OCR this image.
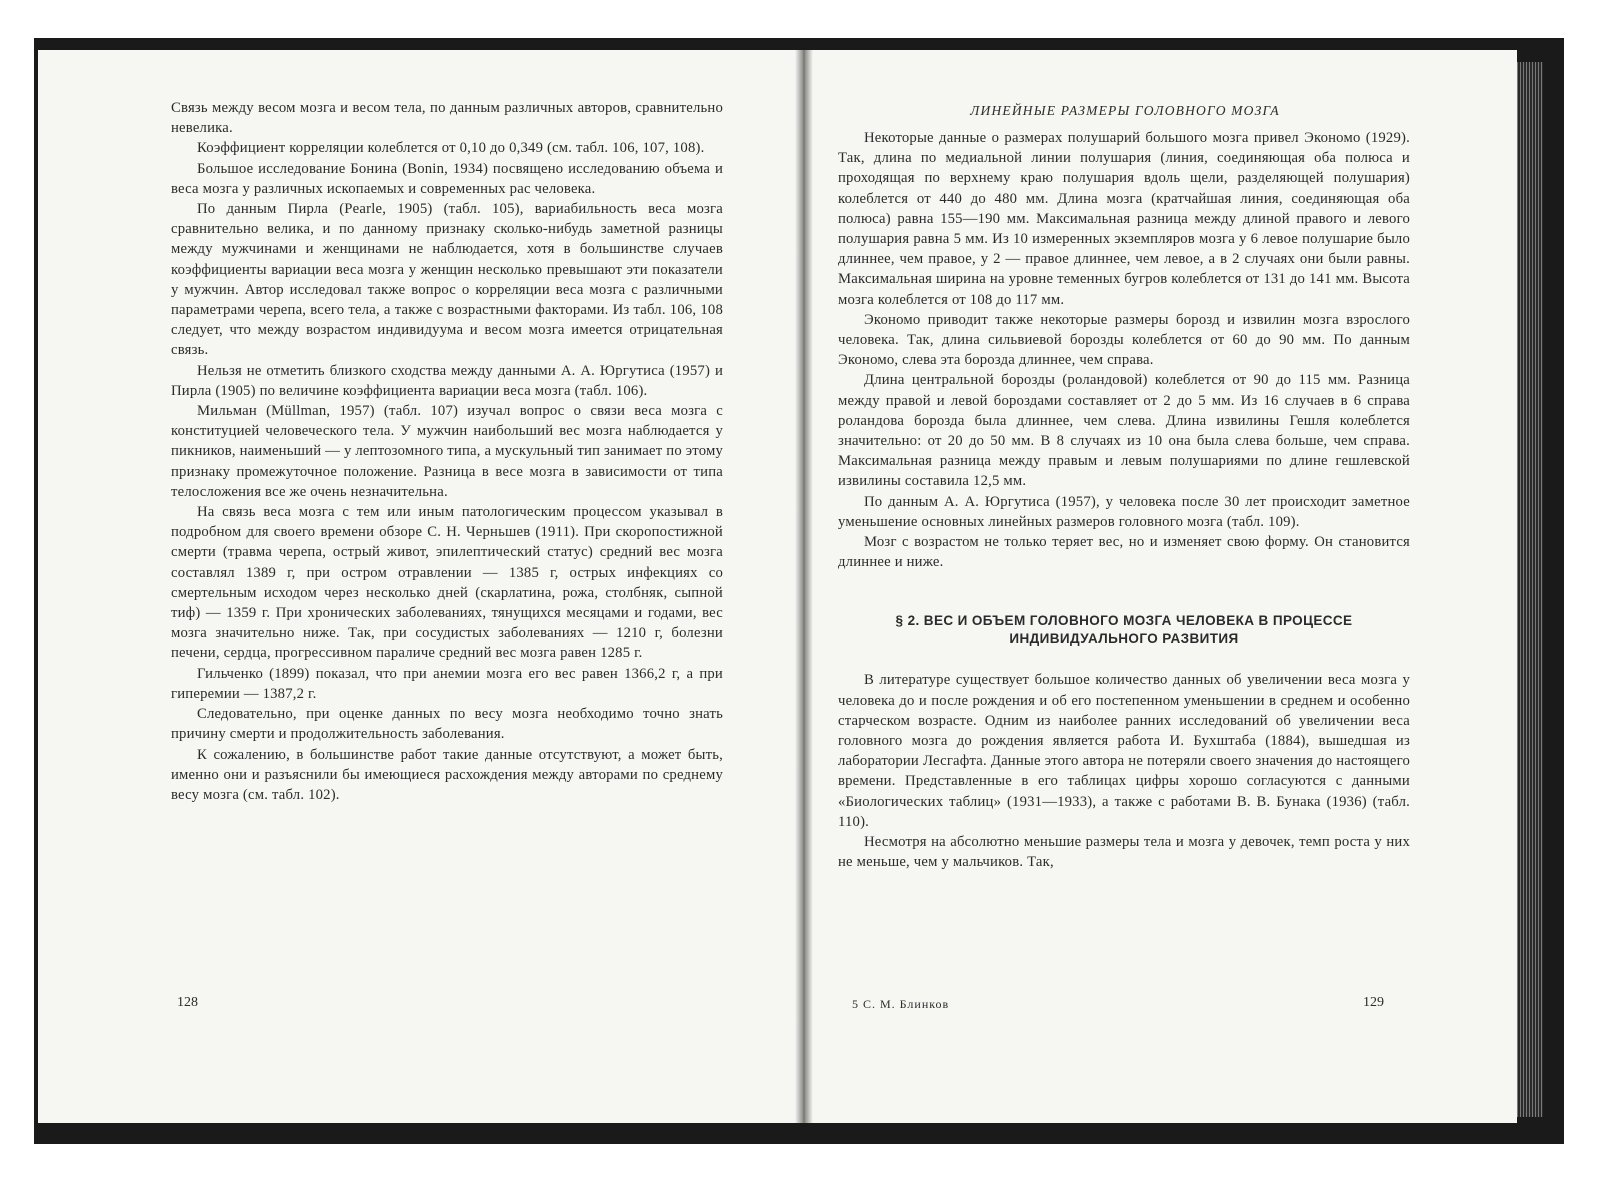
Связь между весом мозга и весом тела, по данным различных авторов, сравнительно невелика.

Коэффициент корреляции колеблется от 0,10 до 0,349 (см. табл. 106, 107, 108).

Большое исследование Бонина (Bonin, 1934) посвящено исследованию объема и веса мозга у различных ископаемых и современных рас человека.

По данным Пирла (Pearle, 1905) (табл. 105), вариабильность веса мозга сравнительно велика, и по данному признаку сколько-нибудь заметной разницы между мужчинами и женщинами не наблюдается, хотя в большинстве случаев коэффициенты вариации веса мозга у женщин несколько превышают эти показатели у мужчин. Автор исследовал также вопрос о корреляции веса мозга с различными параметрами черепа, всего тела, а также с возрастными факторами. Из табл. 106, 108 следует, что между возрастом индивидуума и весом мозга имеется отрицательная связь.

Нельзя не отметить близкого сходства между данными А. А. Юргутиса (1957) и Пирла (1905) по величине коэффициента вариации веса мозга (табл. 106).

Мильман (Müllman, 1957) (табл. 107) изучал вопрос о связи веса мозга с конституцией человеческого тела. У мужчин наибольший вес мозга наблюдается у пикников, наименьший — у лептозомного типа, а мускульный тип занимает по этому признаку промежуточное положение. Разница в весе мозга в зависимости от типа телосложения все же очень незначительна.

На связь веса мозга с тем или иным патологическим процессом указывал в подробном для своего времени обзоре С. Н. Черньшев (1911). При скоропостижной смерти (травма черепа, острый живот, эпилептический статус) средний вес мозга составлял 1389 г, при остром отравлении — 1385 г, острых инфекциях со смертельным исходом через несколько дней (скарлатина, рожа, столбняк, сыпной тиф) — 1359 г. При хронических заболеваниях, тянущихся месяцами и годами, вес мозга значительно ниже. Так, при сосудистых заболеваниях — 1210 г, болезни печени, сердца, прогрессивном параличе средний вес мозга равен 1285 г.

Гильченко (1899) показал, что при анемии мозга его вес равен 1366,2 г, а при гиперемии — 1387,2 г.

Следовательно, при оценке данных по весу мозга необходимо точно знать причину смерти и продолжительность заболевания.

К сожалению, в большинстве работ такие данные отсутствуют, а может быть, именно они и разъяснили бы имеющиеся расхождения между авторами по среднему весу мозга (см. табл. 102).

128
ЛИНЕЙНЫЕ РАЗМЕРЫ ГОЛОВНОГО МОЗГА

Некоторые данные о размерах полушарий большого мозга привел Экономо (1929). Так, длина по медиальной линии полушария (линия, соединяющая оба полюса и проходящая по верхнему краю полушария вдоль щели, разделяющей полушария) колеблется от 440 до 480 мм. Длина мозга (кратчайшая линия, соединяющая оба полюса) равна 155—190 мм. Максимальная разница между длиной правого и левого полушария равна 5 мм. Из 10 измеренных экземпляров мозга у 6 левое полушарие было длиннее, чем правое, у 2 — правое длиннее, чем левое, а в 2 случаях они были равны. Максимальная ширина на уровне теменных бугров колеблется от 131 до 141 мм. Высота мозга колеблется от 108 до 117 мм.

Экономо приводит также некоторые размеры борозд и извилин мозга взрослого человека. Так, длина сильвиевой борозды колеблется от 60 до 90 мм. По данным Экономо, слева эта борозда длиннее, чем справа.

Длина центральной борозды (роландовой) колеблется от 90 до 115 мм. Разница между правой и левой бороздами составляет от 2 до 5 мм. Из 16 случаев в 6 справа роландова борозда была длиннее, чем слева. Длина извилины Гешля колеблется значительно: от 20 до 50 мм. В 8 случаях из 10 она была слева больше, чем справа. Максимальная разница между правым и левым полушариями по длине гешлевской извилины составила 12,5 мм.

По данным А. А. Юргутиса (1957), у человека после 30 лет происходит заметное уменьшение основных линейных размеров головного мозга (табл. 109).

Мозг с возрастом не только теряет вес, но и изменяет свою форму. Он становится длиннее и ниже.

§ 2. ВЕС И ОБЪЕМ ГОЛОВНОГО МОЗГА ЧЕЛОВЕКА В ПРОЦЕССЕ
ИНДИВИДУАЛЬНОГО РАЗВИТИЯ

В литературе существует большое количество данных об увеличении веса мозга у человека до и после рождения и об его постепенном уменьшении в среднем и особенно старческом возрасте. Одним из наиболее ранних исследований об увеличении веса головного мозга до рождения является работа И. Бухштаба (1884), вышедшая из лаборатории Лесгафта. Данные этого автора не потеряли своего значения до настоящего времени. Представленные в его таблицах цифры хорошо согласуются с данными «Биологических таблиц» (1931—1933), а также с работами В. В. Бунака (1936) (табл. 110).

Несмотря на абсолютно меньшие размеры тела и мозга у девочек, темп роста у них не меньше, чем у мальчиков. Так,

5 С. М. Блинков	129
